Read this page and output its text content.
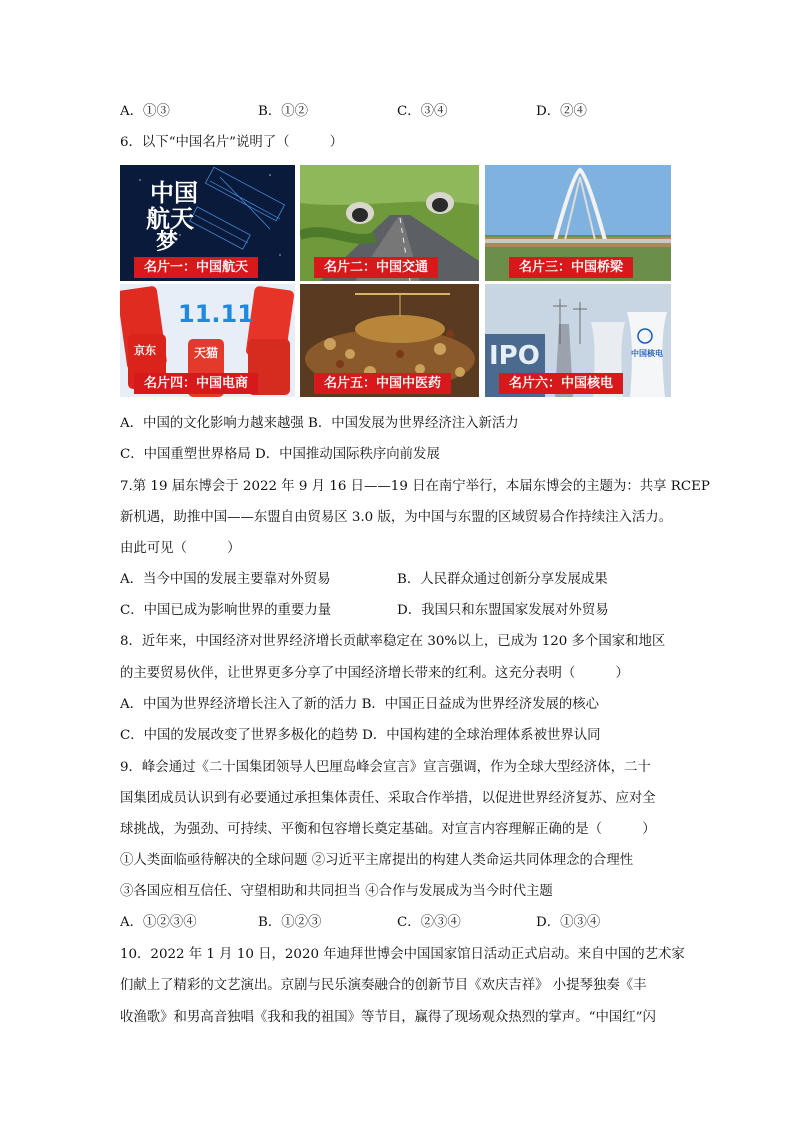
A．①③	B．①②	C．③④	D．②④
6．以下“中国名片”说明了（　　　）
中国
航天
梦
名片一：中国航天	名片二：中国交通	名片三：中国桥梁
11.11
天猫
京东
名片四：中国电商	名片五：中国中医药
IPO	中国核电
名片六：中国核电
A．中国的文化影响力越来越强 B．中国发展为世界经济注入新活力
C．中国重塑世界格局 D．中国推动国际秩序向前发展
7.第 19 届东博会于 2022 年 9 月 16 日——19 日在南宁举行，本届东博会的主题为：共享 RCEP
新机遇，助推中国——东盟自由贸易区 3.0 版，为中国与东盟的区域贸易合作持续注入活力。
由此可见（　　　）
A．当今中国的发展主要靠对外贸易	B．人民群众通过创新分享发展成果
C．中国已成为影响世界的重要力量	D．我国只和东盟国家发展对外贸易
8．近年来，中国经济对世界经济增长贡献率稳定在 30%以上，已成为 120 多个国家和地区
的主要贸易伙伴，让世界更多分享了中国经济增长带来的红利。这充分表明（　　　）
A．中国为世界经济增长注入了新的活力 B．中国正日益成为世界经济发展的核心
C．中国的发展改变了世界多极化的趋势 D．中国构建的全球治理体系被世界认同
9．峰会通过《二十国集团领导人巴厘岛峰会宣言》宣言强调，作为全球大型经济体，二十
国集团成员认识到有必要通过承担集体责任、采取合作举措，以促进世界经济复苏、应对全
球挑战，为强劲、可持续、平衡和包容增长奠定基础。对宣言内容理解正确的是（　　　）
①人类面临亟待解决的全球问题 ②习近平主席提出的构建人类命运共同体理念的合理性
③各国应相互信任、守望相助和共同担当 ④合作与发展成为当今时代主题
A．①②③④	B．①②③	C．②③④	D．①③④
10．2022 年 1 月 10 日，2020 年迪拜世博会中国国家馆日活动正式启动。来自中国的艺术家
们献上了精彩的文艺演出。京剧与民乐演奏融合的创新节目《欢庆吉祥》 小提琴独奏《丰
收渔歌》和男高音独唱《我和我的祖国》等节目，赢得了现场观众热烈的掌声。“中国红”闪
